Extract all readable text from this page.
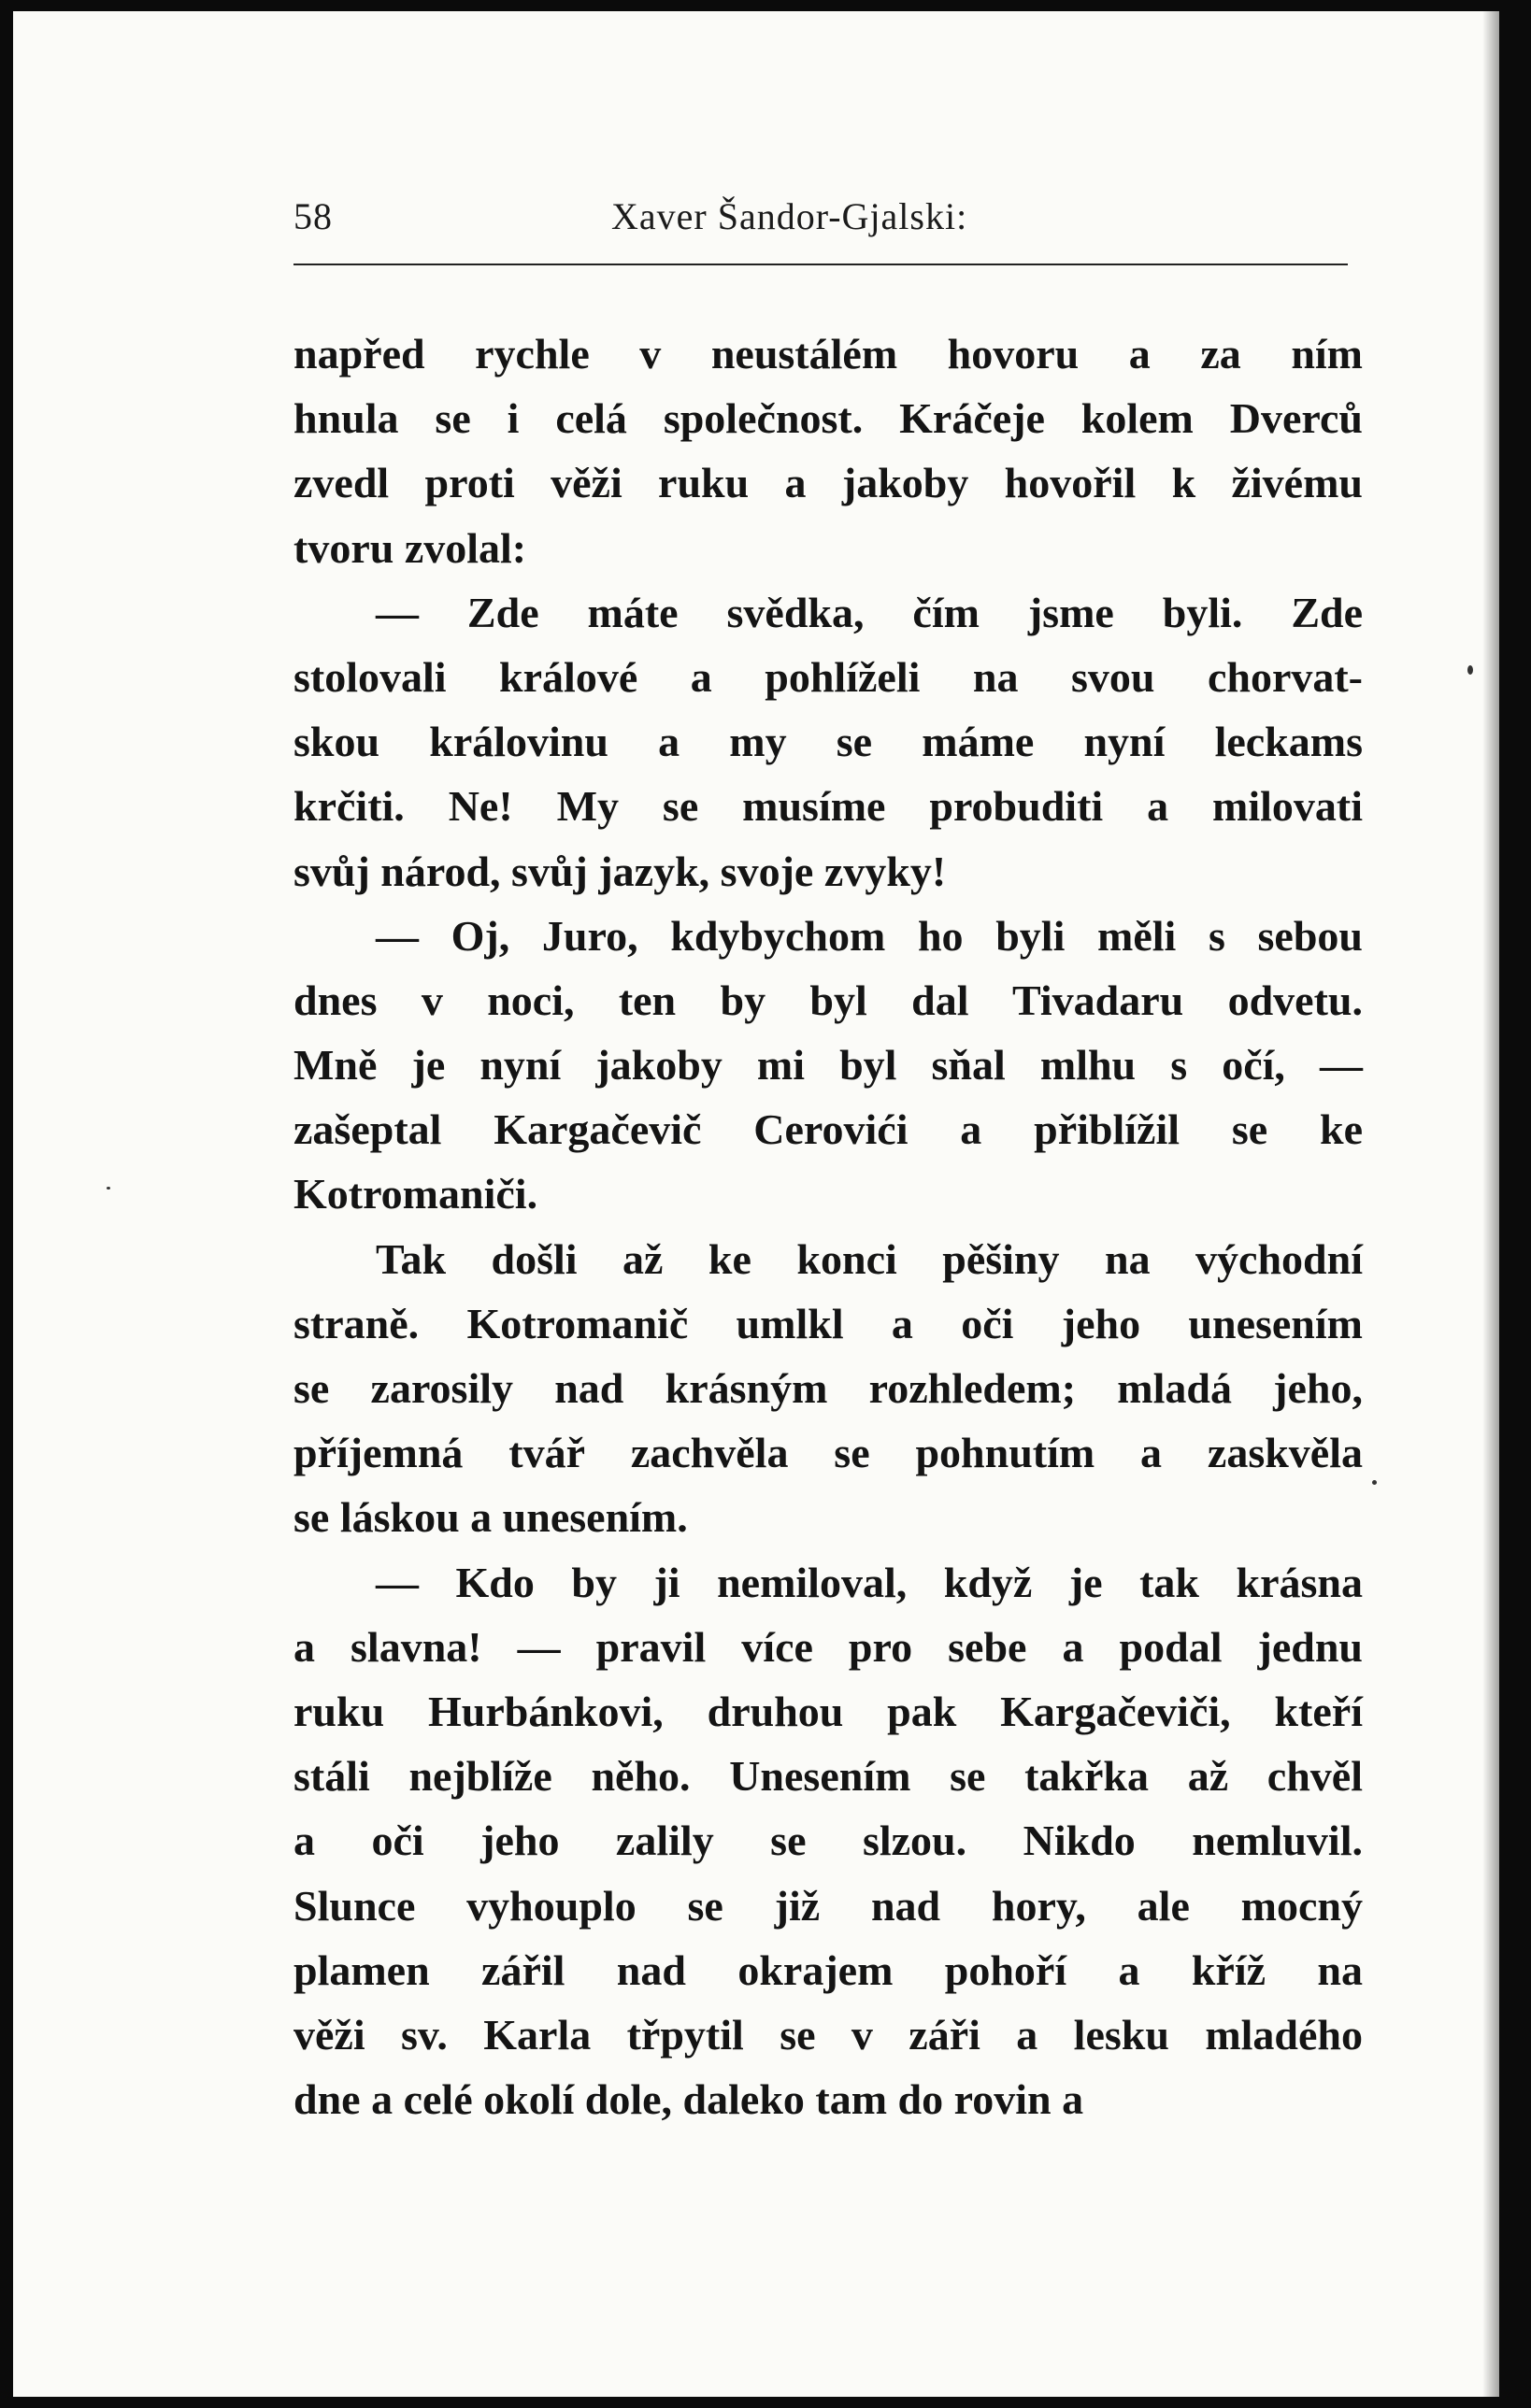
58	Xaver Šandor-Gjalski:
napřed rychle v neustálém hovoru a za ním
hnula se i celá společnost. Kráčeje kolem Dverců
zvedl proti věži ruku a jakoby hovořil k živému
tvoru zvolal:
— Zde máte svědka, čím jsme byli. Zde
stolovali králové a pohlíželi na svou chorvat-
skou královinu a my se máme nyní leckams
krčiti. Ne! My se musíme probuditi a milovati
svůj národ, svůj jazyk, svoje zvyky!
— Oj, Juro, kdybychom ho byli měli s sebou
dnes v noci, ten by byl dal Tivadaru odvetu.
Mně je nyní jakoby mi byl sňal mlhu s očí, —
zašeptal Kargačevič Cerovići a přiblížil se ke
Kotromaniči.
Tak došli až ke konci pěšiny na východní
straně. Kotromanič umlkl a oči jeho unesením
se zarosily nad krásným rozhledem; mladá jeho,
příjemná tvář zachvěla se pohnutím a zaskvěla
se láskou a unesením.
— Kdo by ji nemiloval, když je tak krásna
a slavna! — pravil více pro sebe a podal jednu
ruku Hurbánkovi, druhou pak Kargačeviči, kteří
stáli nejblíže něho. Unesením se takřka až chvěl
a oči jeho zalily se slzou. Nikdo nemluvil.
Slunce vyhouplo se již nad hory, ale mocný
plamen zářil nad okrajem pohoří a kříž na
věži sv. Karla třpytil se v záři a lesku mladého
dne a celé okolí dole, daleko tam do rovin a
